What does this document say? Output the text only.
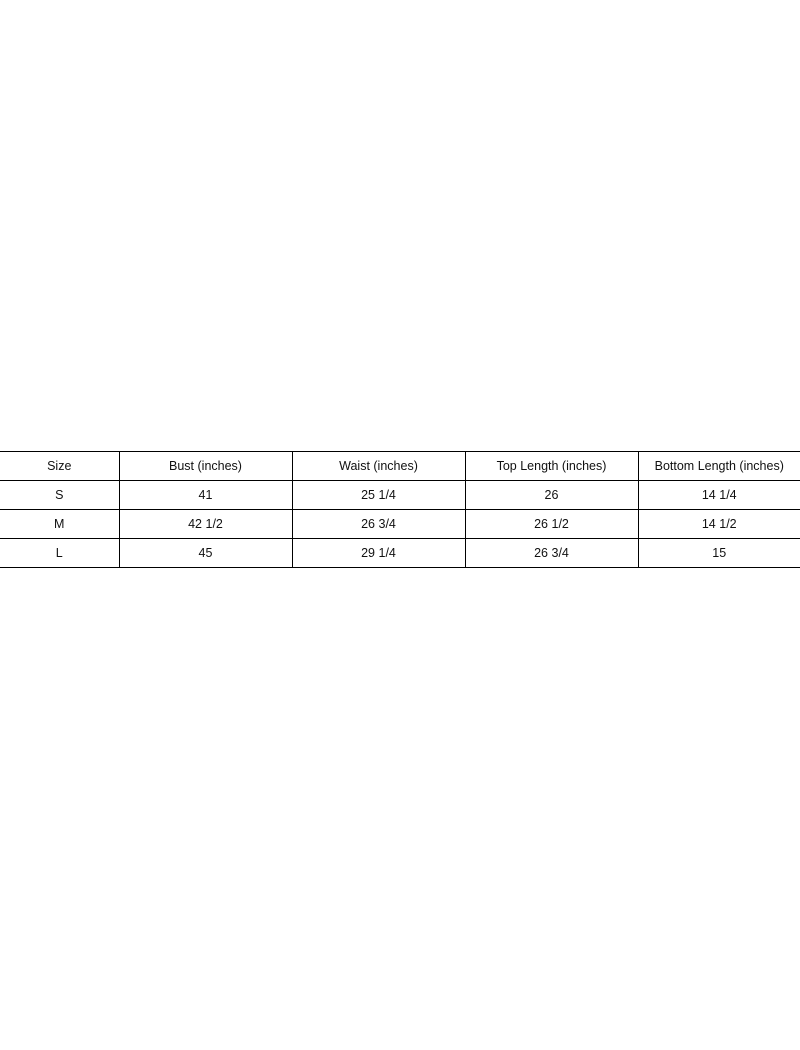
Size	Bust (inches)	Waist (inches)	Top Length (inches)	Bottom Length (inches)
S	41	25 1/4	26	14 1/4
M	42 1/2	26 3/4	26 1/2	14 1/2
L	45	29 1/4	26 3/4	15
